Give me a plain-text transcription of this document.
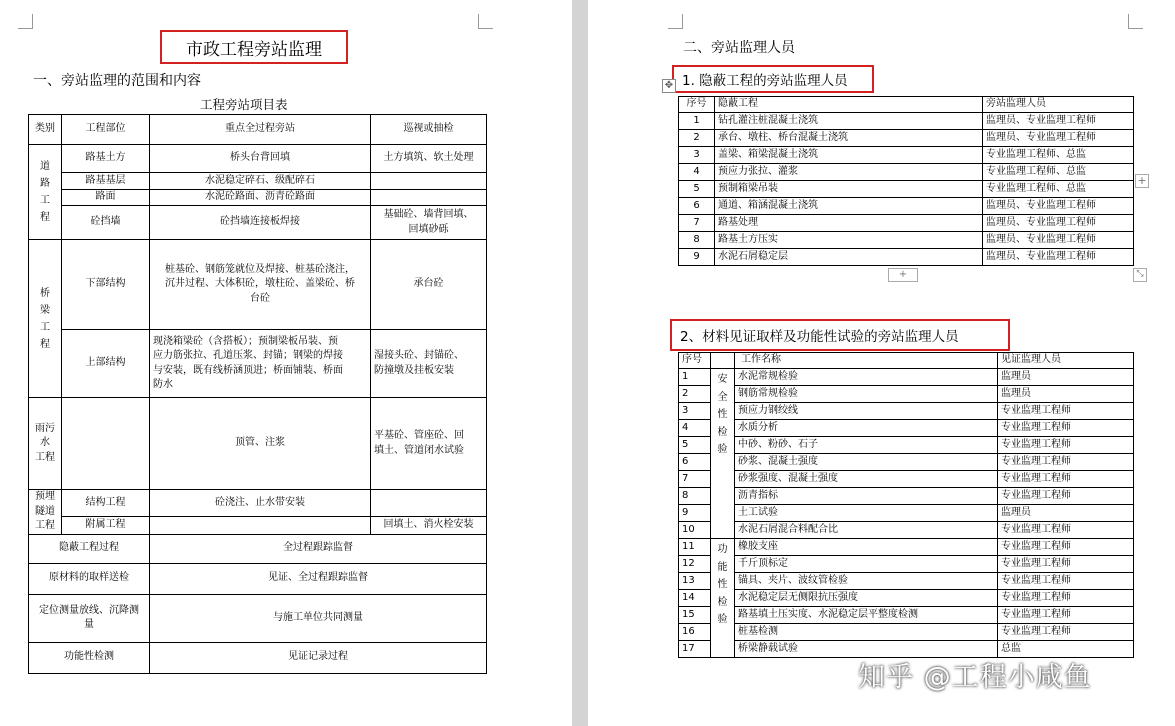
市政工程旁站监理
一、旁站监理的范围和内容
工程旁站项目表
类别	工程部位	重点全过程旁站	巡视或抽检
道
路
工
程	路基土方	桥头台背回填	土方填筑、软土处理
	路基基层	水泥稳定碎石、级配碎石	
	路面	水泥砼路面、沥青砼路面	
	砼挡墙	砼挡墙连接板焊接	基础砼、墙背回填、
回填砂砾
桥
梁
工
程	下部结构	桩基砼、钢筋笼就位及焊接、桩基砼浇注，
沉井过程、大体积砼，墩柱砼、盖梁砼、桥
台砼	承台砼
	上部结构	现浇箱梁砼（含搭板）；预制梁板吊装、预
应力筋张拉、孔道压浆、封锚；钢梁的焊接
与安装，既有线桥涵顶进；桥面铺装、桥面
防水	湿接头砼、封锚砼、
防撞墩及挂板安装
雨污
水
工程		顶管、注浆	平基砼、管座砼、回
填土、管道闭水试验
预埋
隧道
工程	结构工程	砼浇注、止水带安装	
	附属工程		回填土、消火栓安装
隐蔽工程过程		全过程跟踪监督	
原材料的取样送检		见证、全过程跟踪监督	
定位测量放线、沉降测
量		与施工单位共同测量	
功能性检测		见证记录过程	
二、旁站监理人员
1. 隐蔽工程的旁站监理人员
✥
序号	隐蔽工程	旁站监理人员
1	钻孔灌注桩混凝土浇筑	监理员、专业监理工程师
2	承台、墩柱、桥台混凝土浇筑	监理员、专业监理工程师
3	盖梁、箱梁混凝土浇筑	专业监理工程师、总监
4	预应力张拉、灌浆	专业监理工程师、总监
5	预制箱梁吊装	专业监理工程师、总监
6	通道、箱涵混凝土浇筑	监理员、专业监理工程师
7	路基处理	监理员、专业监理工程师
8	路基土方压实	监理员、专业监理工程师
9	水泥石屑稳定层	监理员、专业监理工程师
+
+	⤡
2、材料见证取样及功能性试验的旁站监理人员
序号		工作名称	见证监理人员
1	安
全
性
检
验	水泥常规检验	监理员
2		钢筋常规检验	监理员
3		预应力钢绞线	专业监理工程师
4		水质分析	专业监理工程师
5		中砂、粉砂、石子	专业监理工程师
6		砂浆、混凝土强度	专业监理工程师
7		砂浆强度、混凝土强度	专业监理工程师
8		沥青指标	专业监理工程师
9		土工试验	监理员
10		水泥石屑混合料配合比	专业监理工程师
11	功
能
性
检
验	橡胶支座	专业监理工程师
12		千斤顶标定	专业监理工程师
13		锚具、夹片、波纹管检验	专业监理工程师
14		水泥稳定层无侧限抗压强度	专业监理工程师
15		路基填土压实度、水泥稳定层平整度检测	专业监理工程师
16		桩基检测	专业监理工程师
17		桥梁静载试验	总监
知乎 @工程小咸鱼
